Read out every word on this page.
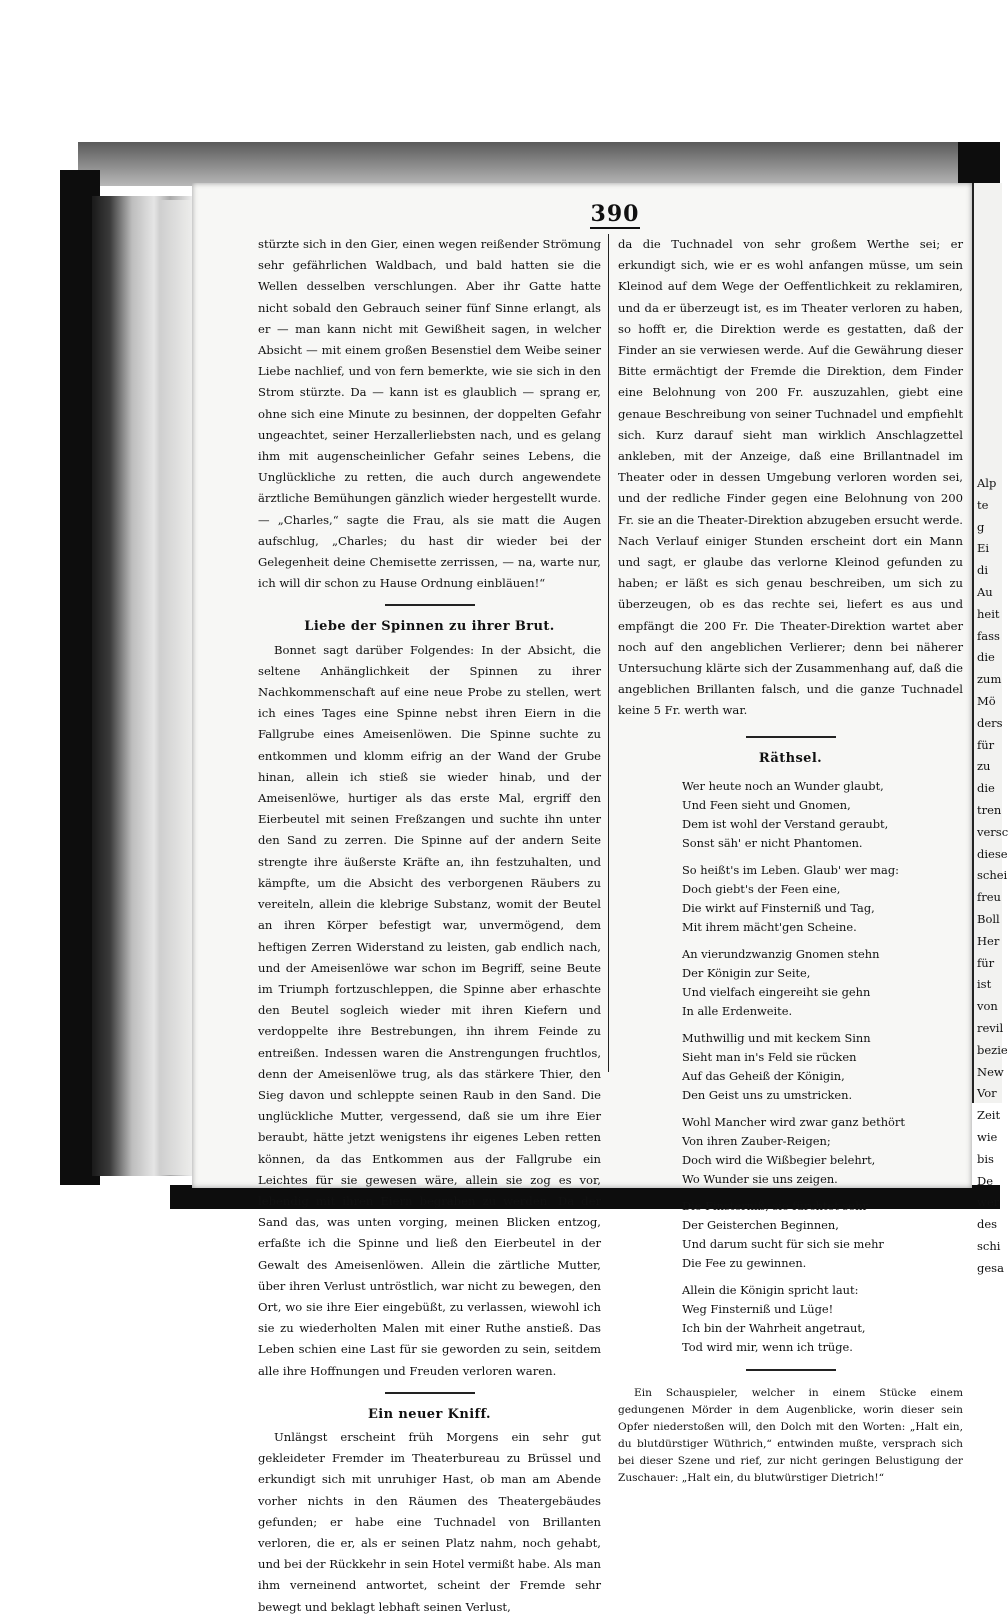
Alp
te
g
Ei
di
Au
heit
fass
die
zum
Mö
ders
für
zu
die
tren
versc
diese
schei
freu
Boll
Her
für
ist
von
revil
bezie
New
Vor
Zeit
wie
bis
De
wer
des
schi
gesa
390

stürzte sich in den Gier, einen wegen reißender Strömung sehr gefährlichen Waldbach, und bald hatten sie die Wellen desselben verschlungen. Aber ihr Gatte hatte nicht sobald den Gebrauch seiner fünf Sinne erlangt, als er — man kann nicht mit Gewißheit sagen, in welcher Absicht — mit einem großen Besenstiel dem Weibe seiner Liebe nachlief, und von fern bemerkte, wie sie sich in den Strom stürzte. Da — kann ist es glaublich — sprang er, ohne sich eine Minute zu besinnen, der doppelten Gefahr ungeachtet, seiner Herzallerliebsten nach, und es gelang ihm mit augenscheinlicher Gefahr seines Lebens, die Unglückliche zu retten, die auch durch angewendete ärztliche Bemühungen gänzlich wieder hergestellt wurde. — „Charles,“ sagte die Frau, als sie matt die Augen aufschlug, „Charles; du hast dir wieder bei der Gelegenheit deine Chemisette zerrissen, — na, warte nur, ich will dir schon zu Hause Ordnung einbläuen!“

Liebe der Spinnen zu ihrer Brut.

Bonnet sagt darüber Folgendes: In der Absicht, die seltene Anhänglichkeit der Spinnen zu ihrer Nachkommenschaft auf eine neue Probe zu stellen, wert ich eines Tages eine Spinne nebst ihren Eiern in die Fallgrube eines Ameisenlöwen. Die Spinne suchte zu entkommen und klomm eifrig an der Wand der Grube hinan, allein ich stieß sie wieder hinab, und der Ameisenlöwe, hurtiger als das erste Mal, ergriff den Eierbeutel mit seinen Freßzangen und suchte ihn unter den Sand zu zerren. Die Spinne auf der andern Seite strengte ihre äußerste Kräfte an, ihn festzuhalten, und kämpfte, um die Absicht des verborgenen Räubers zu vereiteln, allein die klebrige Substanz, womit der Beutel an ihren Körper befestigt war, unvermögend, dem heftigen Zerren Widerstand zu leisten, gab endlich nach, und der Ameisenlöwe war schon im Begriff, seine Beute im Triumph fortzuschleppen, die Spinne aber erhaschte den Beutel sogleich wieder mit ihren Kiefern und verdoppelte ihre Bestrebungen, ihn ihrem Feinde zu entreißen. Indessen waren die Anstrengungen fruchtlos, denn der Ameisenlöwe trug, als das stärkere Thier, den Sieg davon und schleppte seinen Raub in den Sand. Die unglückliche Mutter, vergessend, daß sie um ihre Eier beraubt, hätte jetzt wenigstens ihr eigenes Leben retten können, da das Entkommen aus der Fallgrube ein Leichtes für sie gewesen wäre, allein sie zog es vor, lebendig mit ihren Eiern begraben zu werden. Da der Sand das, was unten vorging, meinen Blicken entzog, erfaßte ich die Spinne und ließ den Eierbeutel in der Gewalt des Ameisenlöwen. Allein die zärtliche Mutter, über ihren Verlust untröstlich, war nicht zu bewegen, den Ort, wo sie ihre Eier eingebüßt, zu verlassen, wiewohl ich sie zu wiederholten Malen mit einer Ruthe anstieß. Das Leben schien eine Last für sie geworden zu sein, seitdem alle ihre Hoffnungen und Freuden verloren waren.

Ein neuer Kniff.

Unlängst erscheint früh Morgens ein sehr gut gekleideter Fremder im Theaterbureau zu Brüssel und erkundigt sich mit unruhiger Hast, ob man am Abende vorher nichts in den Räumen des Theatergebäudes gefunden; er habe eine Tuchnadel von Brillanten verloren, die er, als er seinen Platz nahm, noch gehabt, und bei der Rückkehr in sein Hotel vermißt habe. Als man ihm verneinend antwortet, scheint der Fremde sehr bewegt und beklagt lebhaft seinen Verlust,

da die Tuchnadel von sehr großem Werthe sei; er erkundigt sich, wie er es wohl anfangen müsse, um sein Kleinod auf dem Wege der Oeffentlichkeit zu reklamiren, und da er überzeugt ist, es im Theater verloren zu haben, so hofft er, die Direktion werde es gestatten, daß der Finder an sie verwiesen werde. Auf die Gewährung dieser Bitte ermächtigt der Fremde die Direktion, dem Finder eine Belohnung von 200 Fr. auszuzahlen, giebt eine genaue Beschreibung von seiner Tuchnadel und empfiehlt sich. Kurz darauf sieht man wirklich Anschlagzettel ankleben, mit der Anzeige, daß eine Brillantnadel im Theater oder in dessen Umgebung verloren worden sei, und der redliche Finder gegen eine Belohnung von 200 Fr. sie an die Theater-Direktion abzugeben ersucht werde. Nach Verlauf einiger Stunden erscheint dort ein Mann und sagt, er glaube das verlorne Kleinod gefunden zu haben; er läßt es sich genau beschreiben, um sich zu überzeugen, ob es das rechte sei, liefert es aus und empfängt die 200 Fr. Die Theater-Direktion wartet aber noch auf den angeblichen Verlierer; denn bei näherer Untersuchung klärte sich der Zusammenhang auf, daß die angeblichen Brillanten falsch, und die ganze Tuchnadel keine 5 Fr. werth war.

Räthsel.
Wer heute noch an Wunder glaubt,
Und Feen sieht und Gnomen,
Dem ist wohl der Verstand geraubt,
Sonst säh' er nicht Phantomen.
So heißt's im Leben. Glaub' wer mag:
Doch giebt's der Feen eine,
Die wirkt auf Finsterniß und Tag,
Mit ihrem mächt'gen Scheine.
An vierundzwanzig Gnomen stehn
Der Königin zur Seite,
Und vielfach eingereiht sie gehn
In alle Erdenweite.
Muthwillig und mit keckem Sinn
Sieht man in's Feld sie rücken
Auf das Geheiß der Königin,
Den Geist uns zu umstricken.
Wohl Mancher wird zwar ganz bethört
Von ihren Zauber-Reigen;
Doch wird die Wißbegier belehrt,
Wo Wunder sie uns zeigen.
Die Finsterniß, sie fürchtet sehr
Der Geisterchen Beginnen,
Und darum sucht für sich sie mehr
Die Fee zu gewinnen.
Allein die Königin spricht laut:
Weg Finsterniß und Lüge!
Ich bin der Wahrheit angetraut,
Tod wird mir, wenn ich trüge.

Ein Schauspieler, welcher in einem Stücke einem gedungenen Mörder in dem Augenblicke, worin dieser sein Opfer niederstoßen will, den Dolch mit den Worten: „Halt ein, du blutdürstiger Wüthrich,“ entwinden mußte, versprach sich bei dieser Szene und rief, zur nicht geringen Belustigung der Zuschauer: „Halt ein, du blutwürstiger Dietrich!“
